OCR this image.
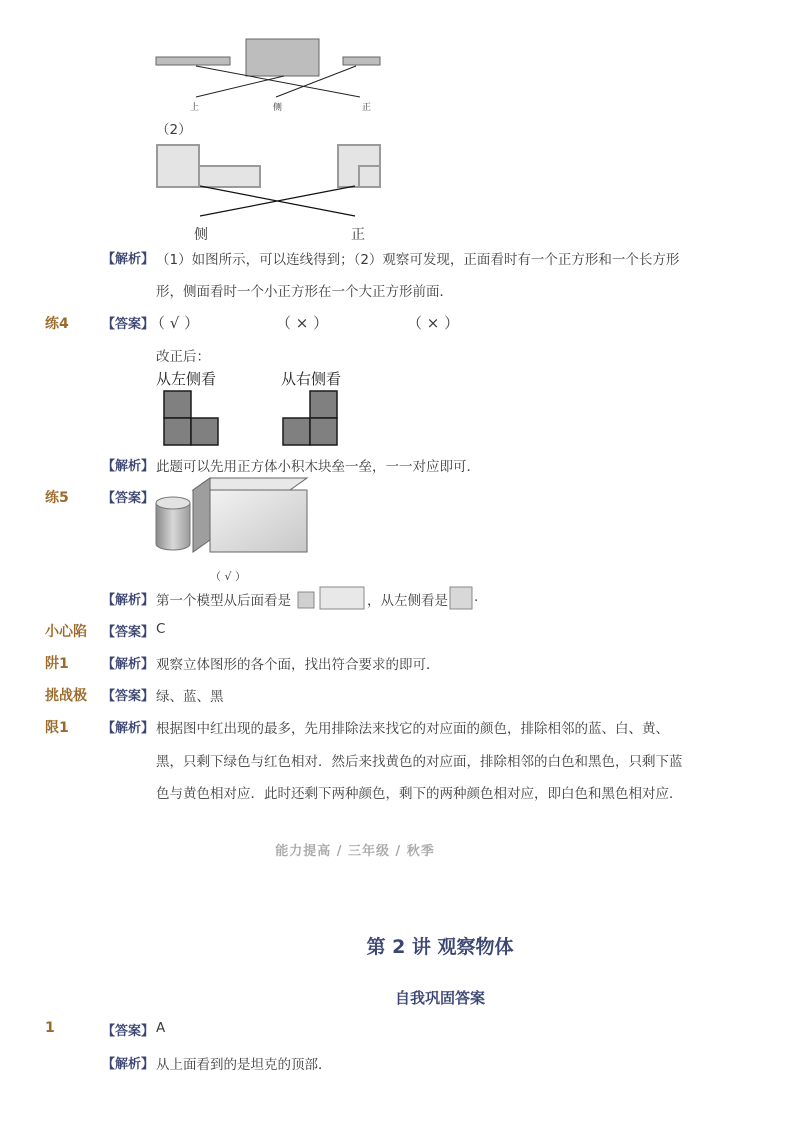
上	侧	正
（2）
侧	正
【解析】 （1）如图所示，可以连线得到；（2）观察可发现，正面看时有一个正方形和一个长方形
形，侧面看时一个小正方形在一个大正方形前面．
练4	【答案】
（ √ ）	（ × ）	（ × ）
改正后：
从左侧看	从右侧看
【解析】 此题可以先用正方体小积木块垒一垒，一一对应即可．
练5	【答案】
（ √ ）
【解析】 第一个模型从后面看是	，从左侧看是 .
小心陷 【答案】 C
阱1	【解析】 观察立体图形的各个面，找出符合要求的即可．
挑战极 【答案】 绿、蓝、黑
限1	【解析】 根据图中红出现的最多，先用排除法来找它的对应面的颜色，排除相邻的蓝、白、黄、
黑，只剩下绿色与红色相对．然后来找黄色的对应面，排除相邻的白色和黑色，只剩下蓝
色与黄色相对应．此时还剩下两种颜色，剩下的两种颜色相对应，即白色和黑色相对应．
能力提高 / 三年级 / 秋季
第 2 讲 观察物体
自我巩固答案
1	【答案】 A
【解析】 从上面看到的是坦克的顶部．
